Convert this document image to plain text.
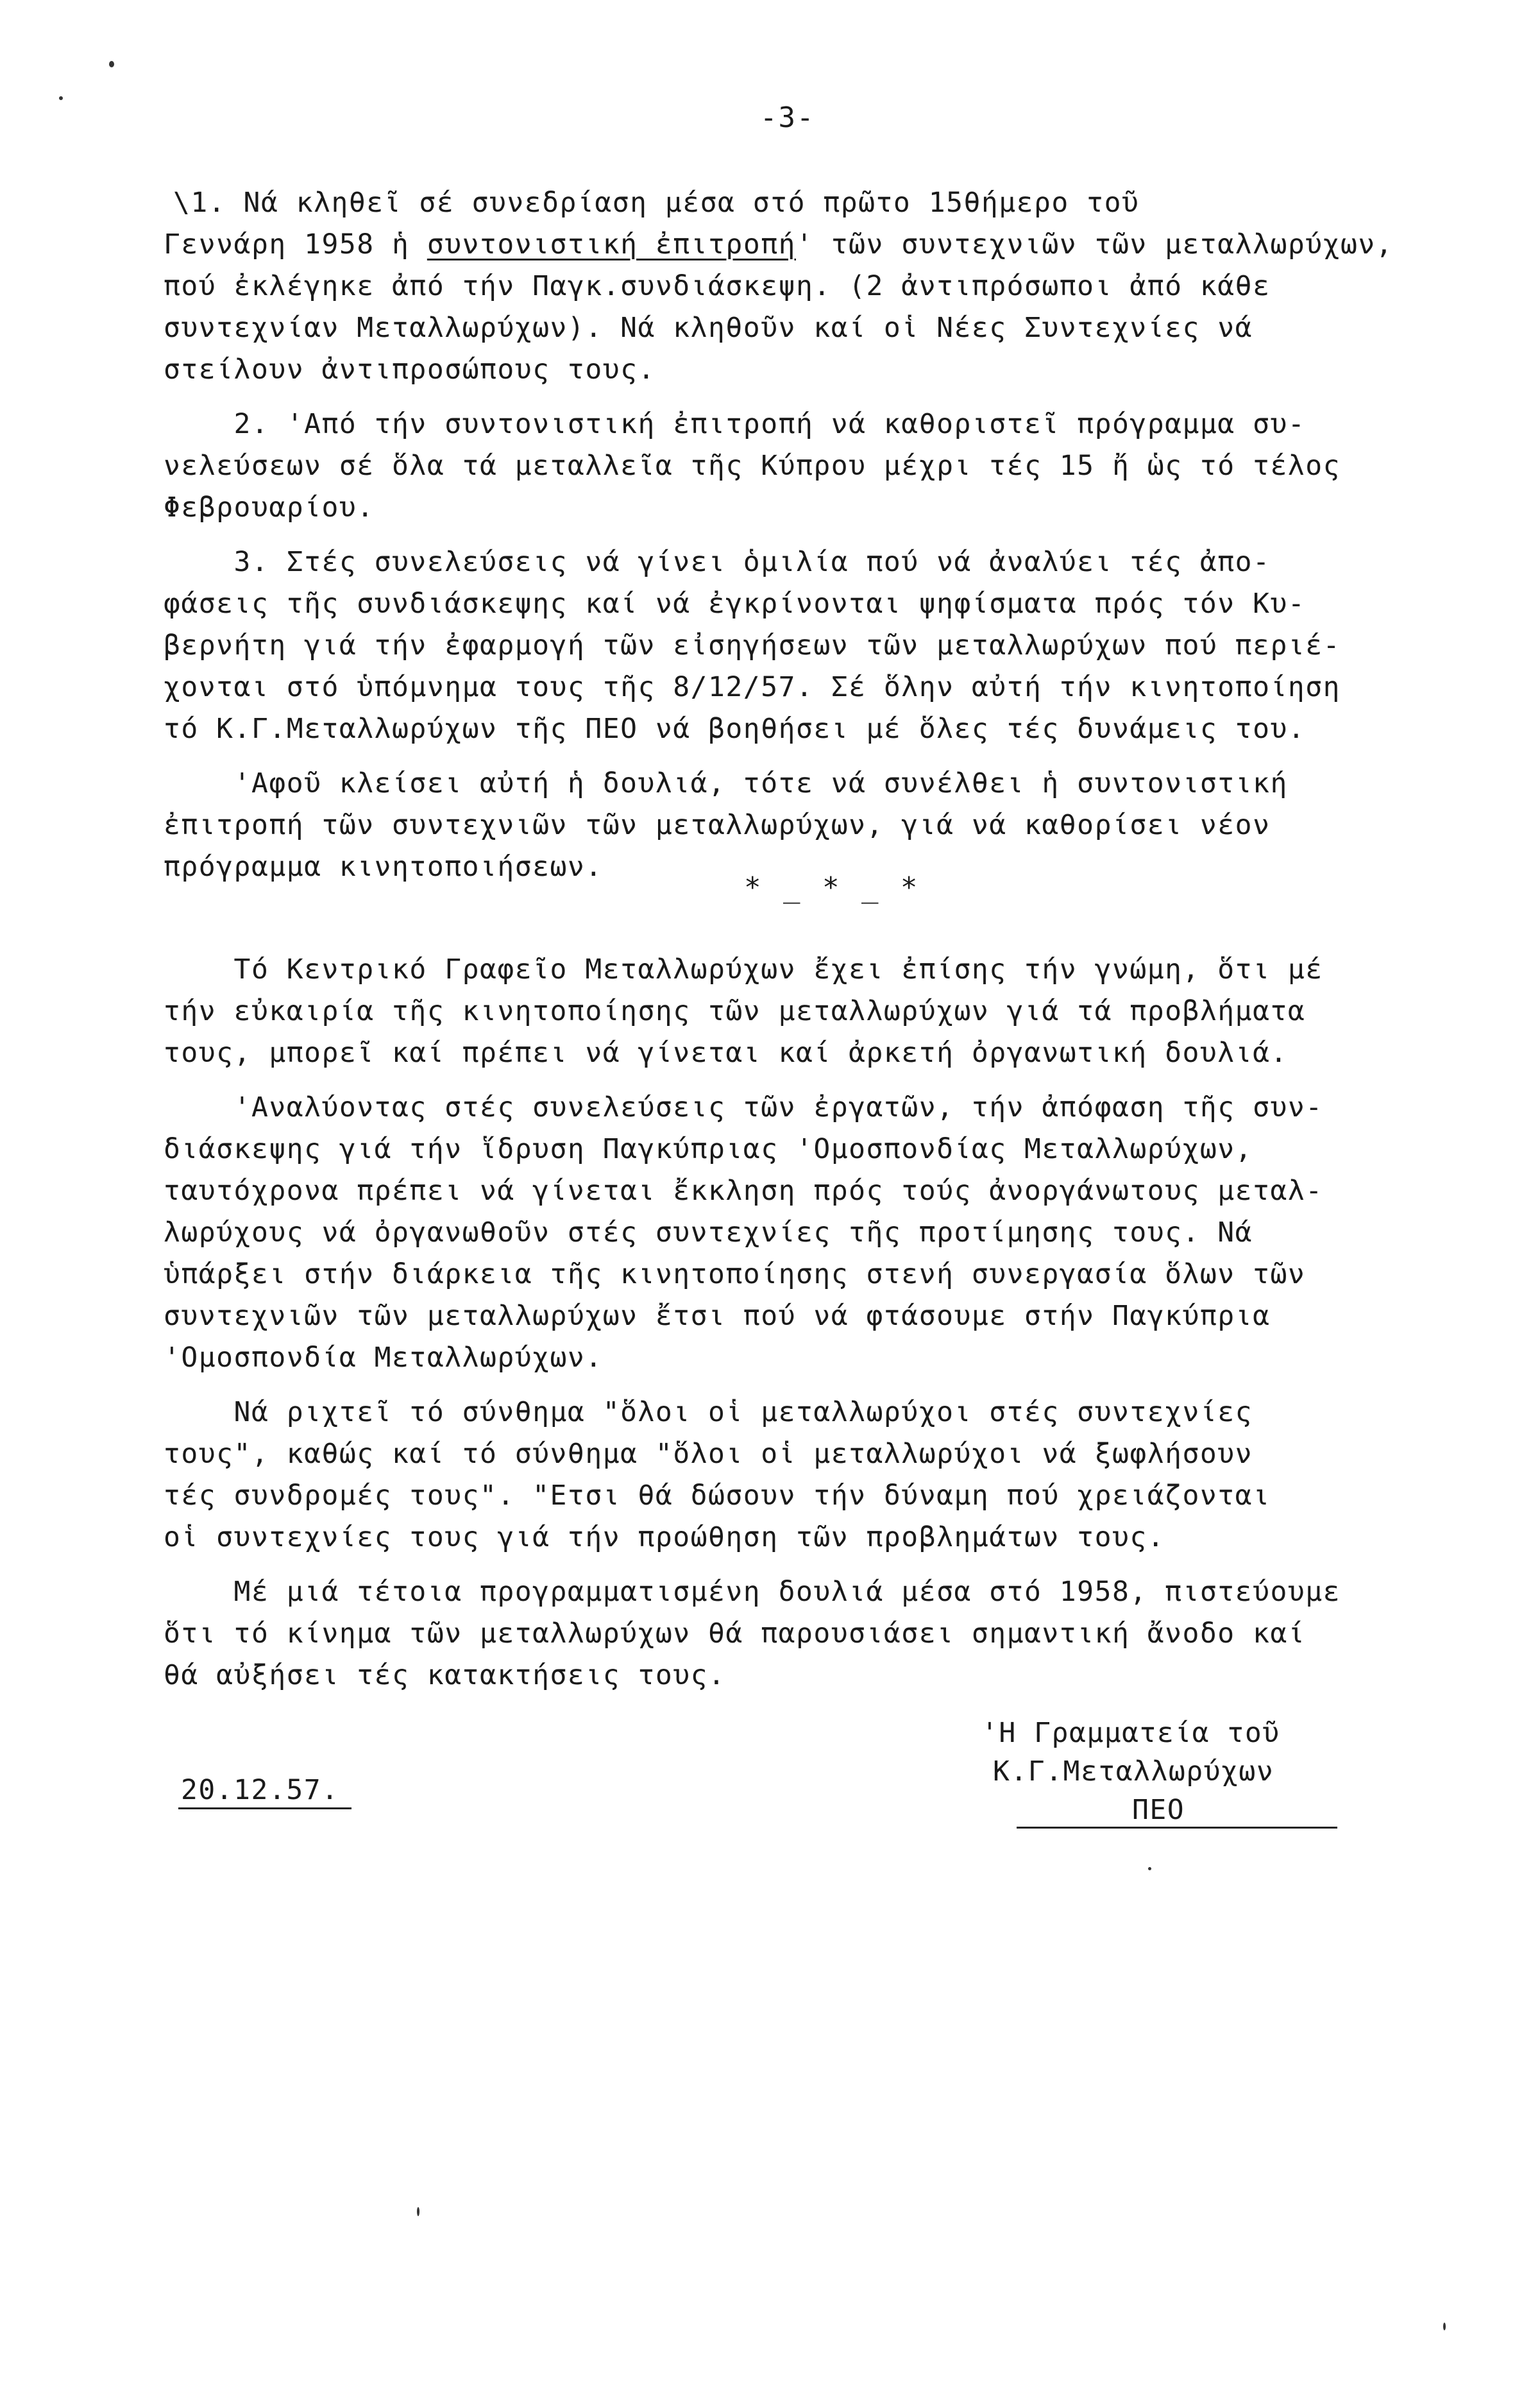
-3-
\1. Νά κληθεῖ σέ συνεδρίαση μέσα στό πρῶτο 15θήμερο τοῦ
Γεννάρη 1958 ἡ συντονιστική ἐπιτροπή' τῶν συντεχνιῶν τῶν μεταλλωρύχων,
πού ἐκλέγηκε ἀπό τήν Παγκ.συνδιάσκεψη. (2 ἀντιπρόσωποι ἀπό κάθε
συντεχνίαν Μεταλλωρύχων). Νά κληθοῦν καί οἱ Νέες Συντεχνίες νά
στείλουν ἀντιπροσώπους τους.
2. 'Από τήν συντονιστική ἐπιτροπή νά καθοριστεῖ πρόγραμμα συ-
νελεύσεων σέ ὅλα τά μεταλλεῖα τῆς Κύπρου μέχρι τές 15 ἤ ὡς τό τέλος
Φεβρουαρίου.
3. Στές συνελεύσεις νά γίνει ὁμιλία πού νά ἀναλύει τές ἀπο-
φάσεις τῆς συνδιάσκεψης καί νά ἐγκρίνονται ψηφίσματα πρός τόν Κυ-
βερνήτη γιά τήν ἐφαρμογή τῶν εἰσηγήσεων τῶν μεταλλωρύχων πού περιέ-
χονται στό ὑπόμνημα τους τῆς 8/12/57. Σέ ὅλην αὐτή τήν κινητοποίηση
τό Κ.Γ.Μεταλλωρύχων τῆς ΠΕΟ νά βοηθήσει μέ ὅλες τές δυνάμεις του.
'Αφοῦ κλείσει αὐτή ἡ δουλιά, τότε νά συνέλθει ἡ συντονιστική
ἐπιτροπή τῶν συντεχνιῶν τῶν μεταλλωρύχων, γιά νά καθορίσει νέον
πρόγραμμα κινητοποιήσεων.
* _ * _ *
Τό Κεντρικό Γραφεῖο Μεταλλωρύχων ἔχει ἐπίσης τήν γνώμη, ὅτι μέ
τήν εὐκαιρία τῆς κινητοποίησης τῶν μεταλλωρύχων γιά τά προβλήματα
τους, μπορεῖ καί πρέπει νά γίνεται καί ἀρκετή ὀργανωτική δουλιά.
'Αναλύοντας στές συνελεύσεις τῶν ἐργατῶν, τήν ἀπόφαση τῆς συν-
διάσκεψης γιά τήν ἵδρυση Παγκύπριας 'Ομοσπονδίας Μεταλλωρύχων,
ταυτόχρονα πρέπει νά γίνεται ἔκκληση πρός τούς ἀνοργάνωτους μεταλ-
λωρύχους νά ὀργανωθοῦν στές συντεχνίες τῆς προτίμησης τους. Νά
ὑπάρξει στήν διάρκεια τῆς κινητοποίησης στενή συνεργασία ὅλων τῶν
συντεχνιῶν τῶν μεταλλωρύχων ἔτσι πού νά φτάσουμε στήν Παγκύπρια
'Ομοσπονδία Μεταλλωρύχων.
Νά ριχτεῖ τό σύνθημα "ὅλοι οἱ μεταλλωρύχοι στές συντεχνίες
τους", καθώς καί τό σύνθημα "ὅλοι οἱ μεταλλωρύχοι νά ξωφλήσουν
τές συνδρομές τους". "Ετσι θά δώσουν τήν δύναμη πού χρειάζονται
οἱ συντεχνίες τους γιά τήν προώθηση τῶν προβλημάτων τους.
Μέ μιά τέτοια προγραμματισμένη δουλιά μέσα στό 1958, πιστεύουμε
ὅτι τό κίνημα τῶν μεταλλωρύχων θά παρουσιάσει σημαντική ἄνοδο καί
θά αὐξήσει τές κατακτήσεις τους.
'Η Γραμματεία τοῦ
Κ.Γ.Μεταλλωρύχων
ΠΕΟ
20.12.57.
